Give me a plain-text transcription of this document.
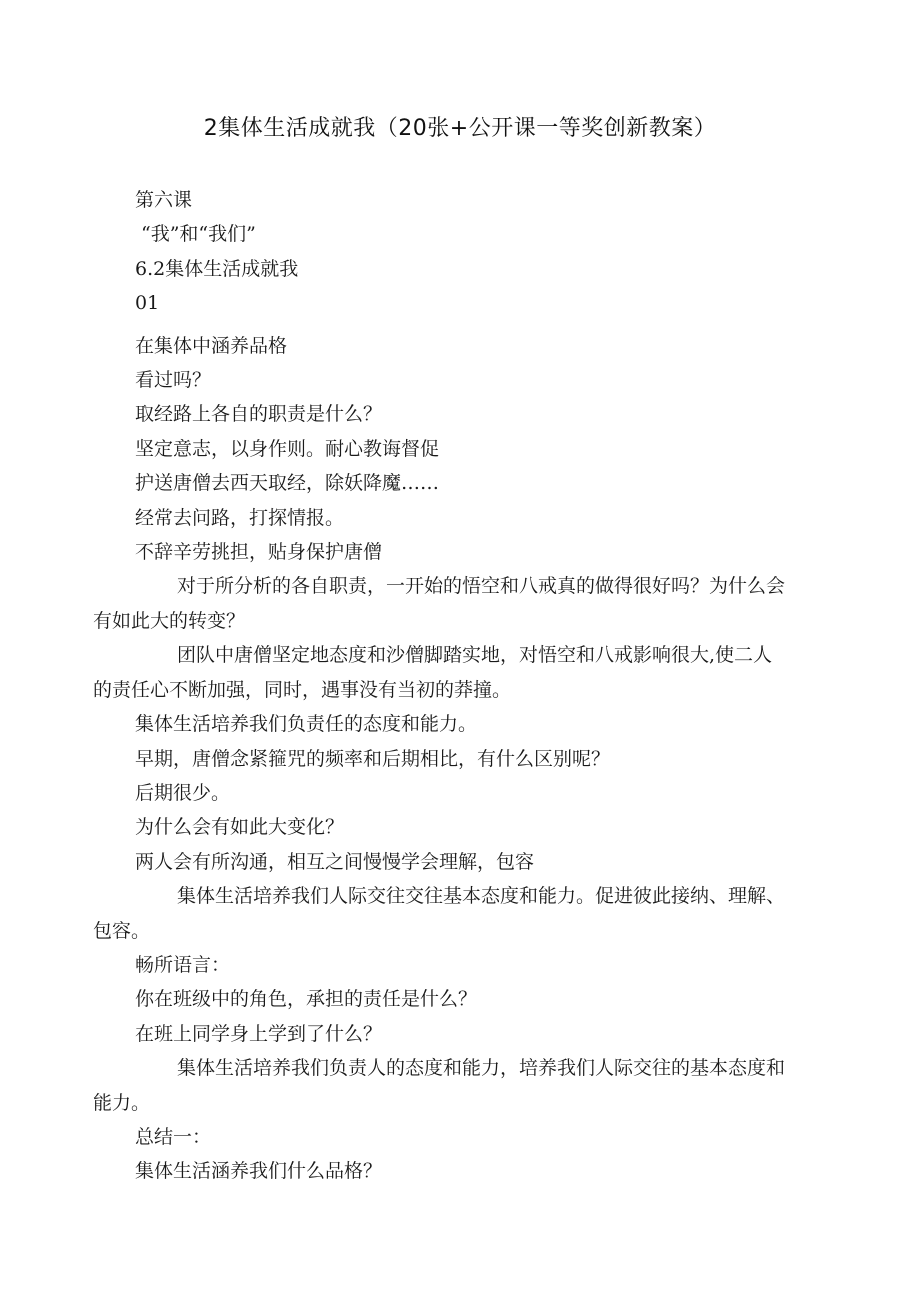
2集体生活成就我（20张+公开课一等奖创新教案）

第六课

“我”和“我们”

6.2集体生活成就我

01

在集体中涵养品格

看过吗？

取经路上各自的职责是什么？

坚定意志，以身作则。耐心教诲督促

护送唐僧去西天取经，除妖降魔……

经常去问路，打探情报。

不辞辛劳挑担，贴身保护唐僧

对于所分析的各自职责，一开始的悟空和八戒真的做得很好吗？为什么会有如此大的转变？

团队中唐僧坚定地态度和沙僧脚踏实地，对悟空和八戒影响很大,使二人的责任心不断加强，同时，遇事没有当初的莽撞。

集体生活培养我们负责任的态度和能力。

早期，唐僧念紧箍咒的频率和后期相比，有什么区别呢？

后期很少。

为什么会有如此大变化？

两人会有所沟通，相互之间慢慢学会理解，包容

集体生活培养我们人际交往交往基本态度和能力。促进彼此接纳、理解、包容。

畅所语言：

你在班级中的角色，承担的责任是什么？

在班上同学身上学到了什么？

集体生活培养我们负责人的态度和能力，培养我们人际交往的基本态度和能力。

总结一：

集体生活涵养我们什么品格？
